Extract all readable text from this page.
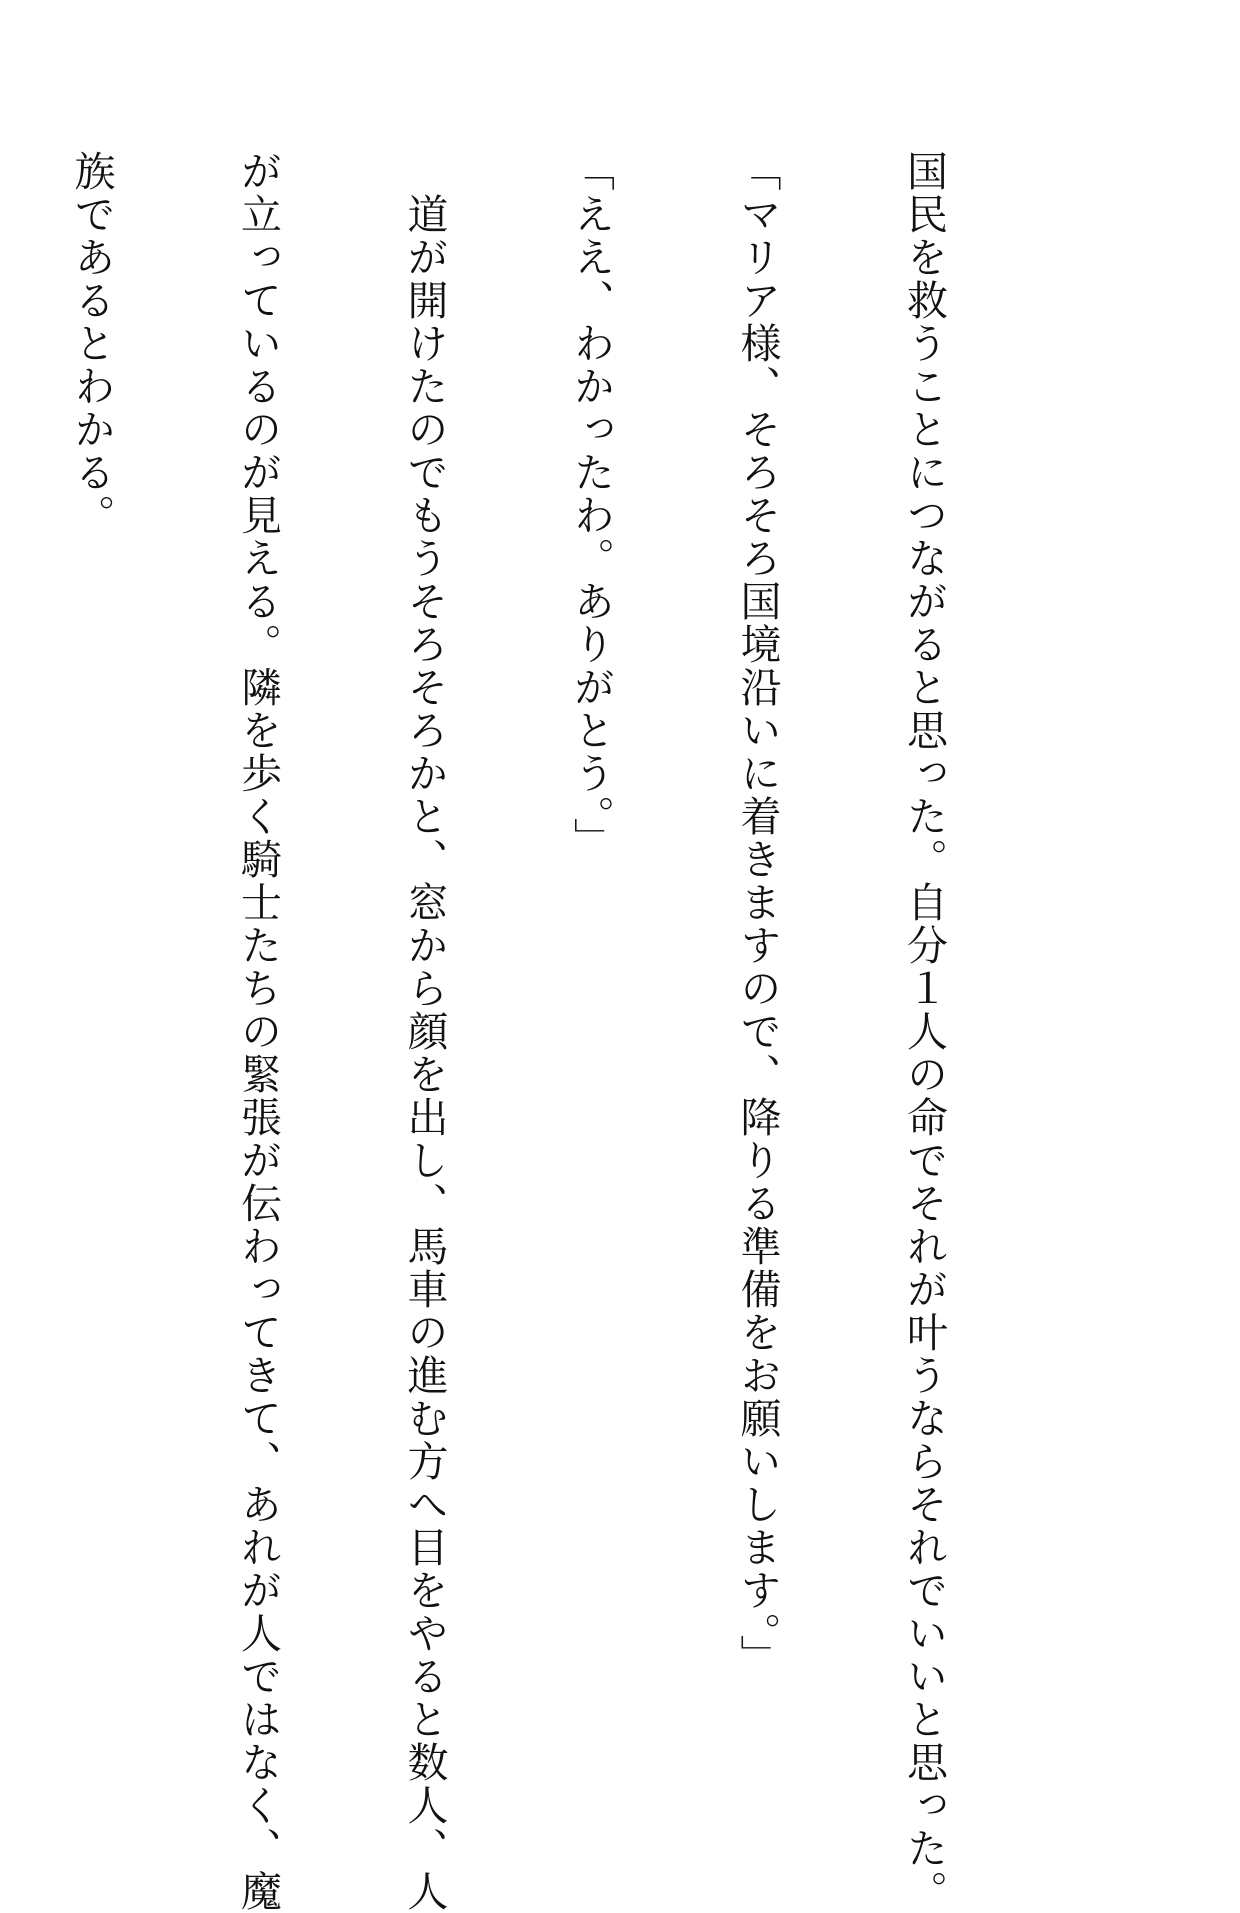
国民を救うことにつながると思った。自分１人の命でそれが叶うならそれでいいと思った。

「マリア様、そろそろ国境沿いに着きますので、降りる準備をお願いします。」

「ええ、わかったわ。ありがとう。」

　道が開けたのでもうそろそろかと、窓から顔を出し、馬車の進む方へ目をやると数人、人

が立っているのが見える。隣を歩く騎士たちの緊張が伝わってきて、あれが人ではなく、魔

族であるとわかる。
